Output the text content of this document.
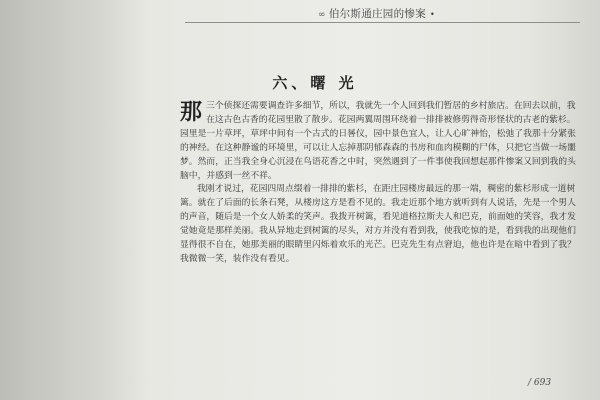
∞ 伯尔斯通庄园的惨案 •
六、曙 光

那三个侦探还需要调查许多细节，所以，我就先一个人回到我们暂居的乡村旅店。在回去以前，我在这古色古香的花园里散了散步。花园两翼周围环绕着一排排被修剪得奇形怪状的古老的紫杉。园里是一片草坪，草坪中间有一个古式的日晷仪，园中景色宜人，让人心旷神怡，松弛了我那十分紧张的神经。在这种静谧的环境里，可以让人忘掉那阴郁森森的书房和血肉模糊的尸体，只把它当做一场噩梦。然而，正当我全身心沉浸在鸟语花香之中时，突然遇到了一件事使我回想起那件惨案又回到我的头脑中，并感到一丝不祥。

我刚才说过，花园四周点缀着一排排的紫杉，在距庄园楼房最远的那一端，稠密的紫杉形成一道树篱。就在了后面的长条石凳，从楼房这方是看不见的。我走近那个地方就听到有人说话，先是一个男人的声音，随后是一个女人娇柔的笑声。我拨开树篱，看见道格拉斯夫人和巴克，前面她的笑容，我才发觉她竟是那样美丽。我从异地走到树篱的尽头，对方并没有看到我，使我吃惊的是，看到我的出现他们显得很不自在，她那美丽的眼睛里闪烁着欢乐的光芒。巴克先生有点窘迫，他也许是在暗中看到了我？我微微一笑，装作没有看见。

/ 693
